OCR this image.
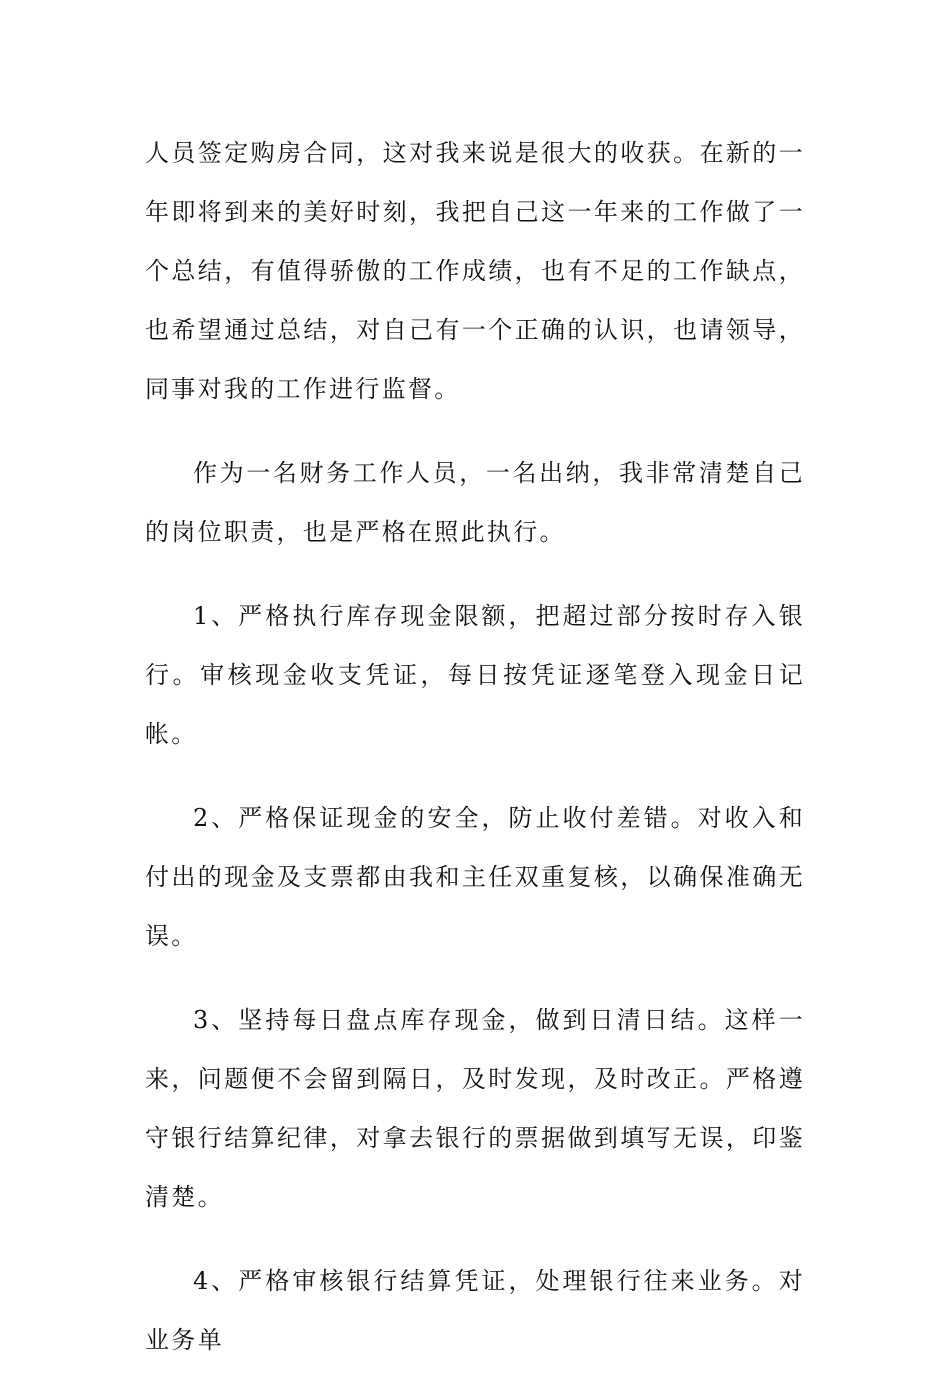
人员签定购房合同，这对我来说是很大的收获。在新的一年即将到来的美好时刻，我把自己这一年来的工作做了一个总结，有值得骄傲的工作成绩，也有不足的工作缺点，也希望通过总结，对自己有一个正确的认识，也请领导，同事对我的工作进行监督。

作为一名财务工作人员，一名出纳，我非常清楚自己的岗位职责，也是严格在照此执行。

1、严格执行库存现金限额，把超过部分按时存入银行。审核现金收支凭证，每日按凭证逐笔登入现金日记帐。

2、严格保证现金的安全，防止收付差错。对收入和付出的现金及支票都由我和主任双重复核，以确保准确无误。

3、坚持每日盘点库存现金，做到日清日结。这样一来，问题便不会留到隔日，及时发现，及时改正。严格遵守银行结算纪律，对拿去银行的票据做到填写无误，印鉴清楚。

4、严格审核银行结算凭证，处理银行往来业务。对业务单
